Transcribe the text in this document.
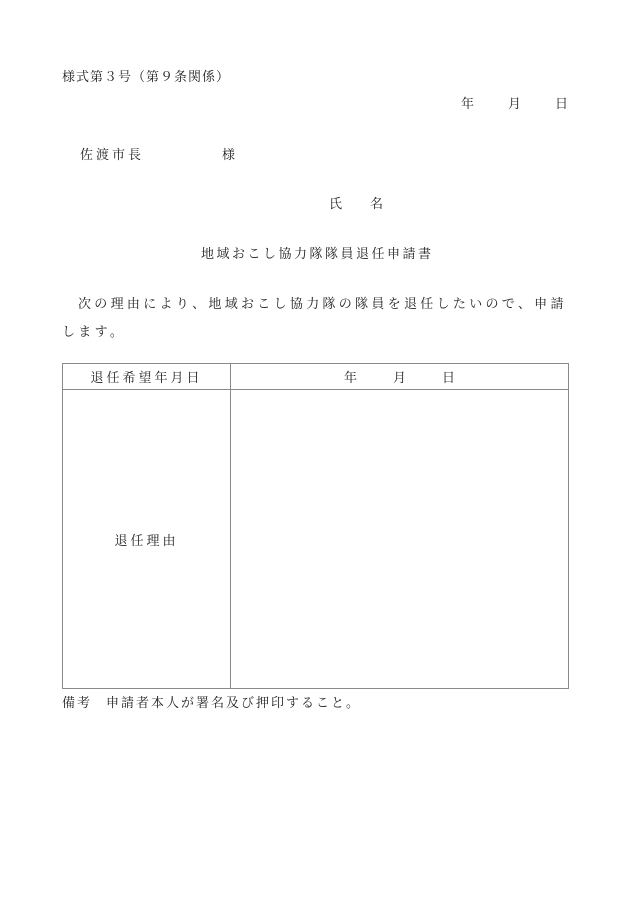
様式第３号（第９条関係）
年	月	日
佐渡市長	様
氏 名
地域おこし協力隊隊員退任申請書
次の理由により、地域おこし協力隊の隊員を退任したいので、申請します。
退任希望年月日	年 月 日
退任理由	
備考 申請者本人が署名及び押印すること。
